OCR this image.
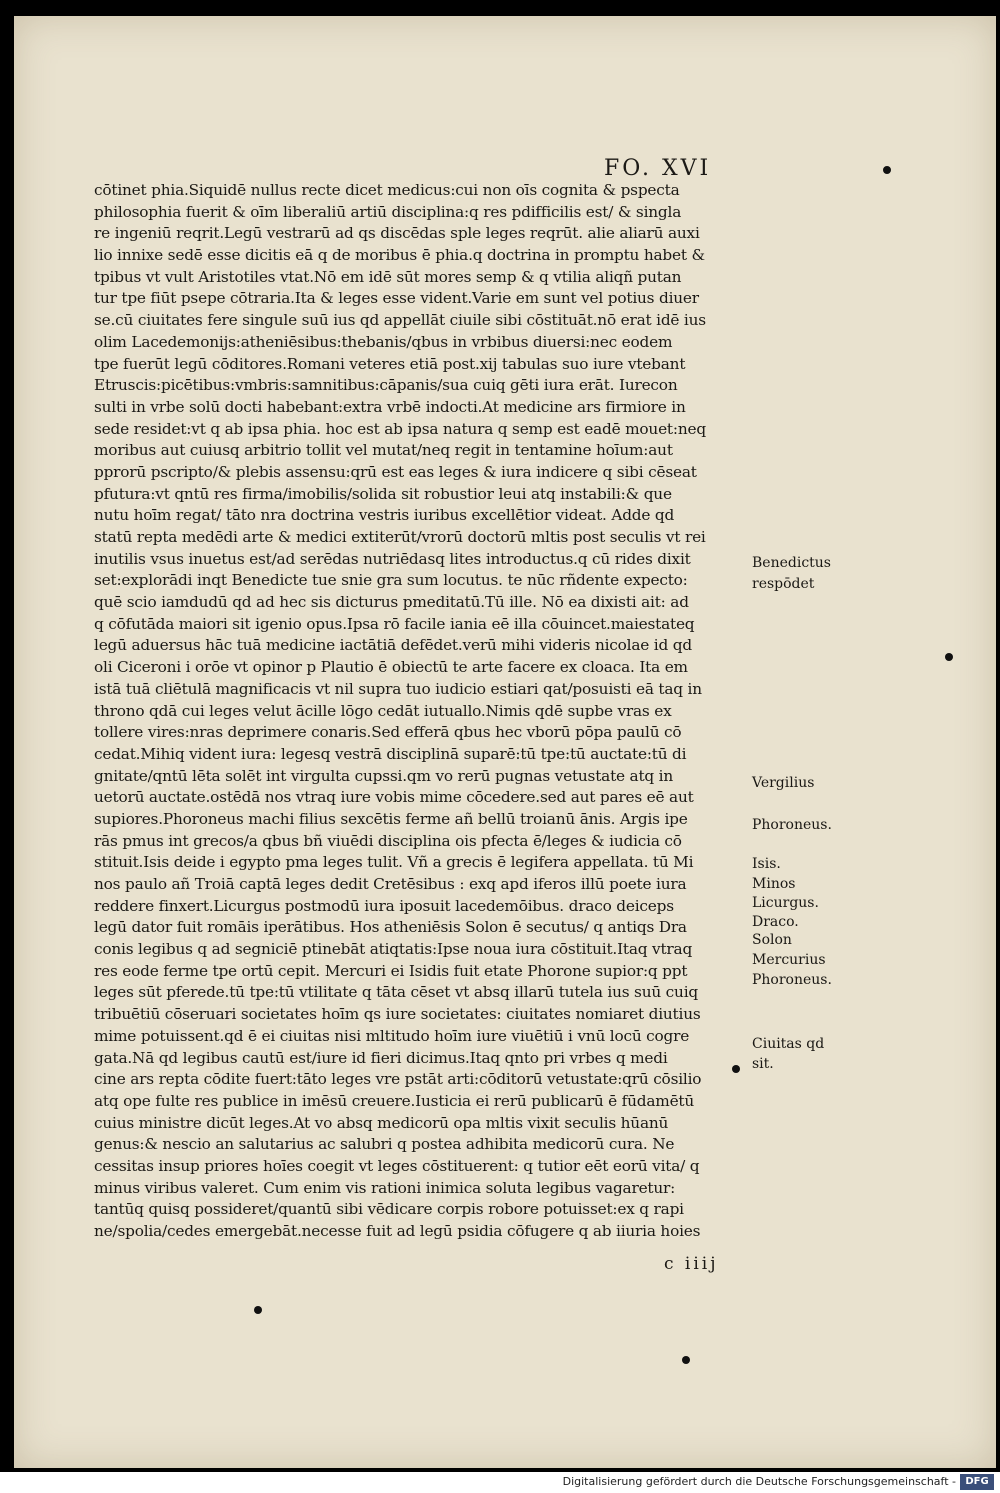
FO. XVI
cōtinet phia.Siquidē nullus recte dicet medicus:cui non oīs cognita & pspecta
philosophia fuerit & oīm liberaliū artiū disciplina:q res pdifficilis est/ & singla
re ingeniū reqrit.Legū vestrarū ad qs discēdas sple leges reqrūt. alie aliarū auxi
lio innixe sedē esse dicitis eā q de moribus ē phia.q doctrina in promptu habet &
tpibus vt vult Aristotiles vtat.Nō em idē sūt mores semp & q vtilia aliqñ putan
tur tpe fiūt psepe cōtraria.Ita & leges esse vident.Varie em sunt vel potius diuer
se.cū ciuitates fere singule suū ius qd appellāt ciuile sibi cōstituāt.nō erat idē ius
olim Lacedemonijs:atheniēsibus:thebanis/qbus in vrbibus diuersi:nec eodem
tpe fuerūt legū cōditores.Romani veteres etiā post.xij tabulas suo iure vtebant
Etruscis:picētibus:vmbris:samnitibus:cāpanis/sua cuiq gēti iura erāt. Iurecon
sulti in vrbe solū docti habebant:extra vrbē indocti.At medicine ars firmiore in
sede residet:vt q ab ipsa phia. hoc est ab ipsa natura q semp est eadē mouet:neq
moribus aut cuiusq arbitrio tollit vel mutat/neq regit in tentamine hoīum:aut
pprorū pscripto/& plebis assensu:qrū est eas leges & iura indicere q sibi cēseat
pfutura:vt qntū res firma/imobilis/solida sit robustior leui atq instabili:& que
nutu hoīm regat/ tāto nra doctrina vestris iuribus excellētior videat. Adde qd
statū repta medēdi arte & medici extiterūt/vrorū doctorū mltis post seculis vt rei
inutilis vsus inuetus est/ad serēdas nutriēdasq lites introductus.q cū rides dixit
set:explorādi inqt Benedicte tue snie gra sum locutus. te nūc rñdente expecto:
quē scio iamdudū qd ad hec sis dicturus pmeditatū.Tū ille. Nō ea dixisti ait: ad
q cōfutāda maiori sit igenio opus.Ipsa rō facile iania eē illa cōuincet.maiestateq
legū aduersus hāc tuā medicine iactātiā defēdet.verū mihi videris nicolae id qd
oli Ciceroni i orōe vt opinor p Plautio ē obiectū te arte facere ex cloaca. Ita em
istā tuā cliētulā magnificacis vt nil supra tuo iudicio estiari qat/posuisti eā taq in
throno qdā cui leges velut ācille lōgo cedāt iutuallo.Nimis qdē supbe vras ex
tollere vires:nras deprimere conaris.Sed efferā qbus hec vborū pōpa paulū cō
cedat.Mihiq vident iura: legesq vestrā disciplinā suparē:tū tpe:tū auctate:tū di
gnitate/qntū lēta solēt int virgulta cupssi.qm vo rerū pugnas vetustate atq in
uetorū auctate.ostēdā nos vtraq iure vobis mime cōcedere.sed aut pares eē aut
supiores.Phoroneus machi filius sexcētis ferme añ bellū troianū ānis. Argis ipe
rās pmus int grecos/a qbus bñ viuēdi disciplina ois pfecta ē/leges & iudicia cō
stituit.Isis deide i egypto pma leges tulit. Vñ a grecis ē legifera appellata. tū Mi
nos paulo añ Troiā captā leges dedit Cretēsibus : exq apd iferos illū poete iura
reddere finxert.Licurgus postmodū iura iposuit lacedemōibus. draco deiceps
legū dator fuit romāis iperātibus. Hos atheniēsis Solon ē secutus/ q antiqs Dra
conis legibus q ad segniciē ptinebāt atiqtatis:Ipse noua iura cōstituit.Itaq vtraq
res eode ferme tpe ortū cepit. Mercuri ei Isidis fuit etate Phorone supior:q ppt
leges sūt pferede.tū tpe:tū vtilitate q tāta cēset vt absq illarū tutela ius suū cuiq
tribuētiū cōseruari societates hoīm qs iure societates: ciuitates nomiaret diutius
mime potuissent.qd ē ei ciuitas nisi mltitudo hoīm iure viuētiū i vnū locū cogre
gata.Nā qd legibus cautū est/iure id fieri dicimus.Itaq qnto pri vrbes q medi
cine ars repta cōdite fuert:tāto leges vre pstāt arti:cōditorū vetustate:qrū cōsilio
atq ope fulte res publice in imēsū creuere.Iusticia ei rerū publicarū ē fūdamētū
cuius ministre dicūt leges.At vo absq medicorū opa mltis vixit seculis hūanū
genus:& nescio an salutarius ac salubri q postea adhibita medicorū cura. Ne
cessitas insup priores hoīes coegit vt leges cōstituerent: q tutior eēt eorū vita/ q
minus viribus valeret. Cum enim vis rationi inimica soluta legibus vagaretur:
tantūq quisq possideret/quantū sibi vēdicare corpis robore potuisset:ex q rapi
ne/spolia/cedes emergebāt.necesse fuit ad legū psidia cōfugere q ab iiuria hoies
Benedictus
respōdet
Vergilius
Phoroneus.
Isis.
Minos
Licurgus.
Draco.
Solon
Mercurius
Phoroneus.
Ciuitas qd
sit.
c iiij
Digitalisierung gefördert durch die Deutsche Forschungsgemeinschaft - DFG
